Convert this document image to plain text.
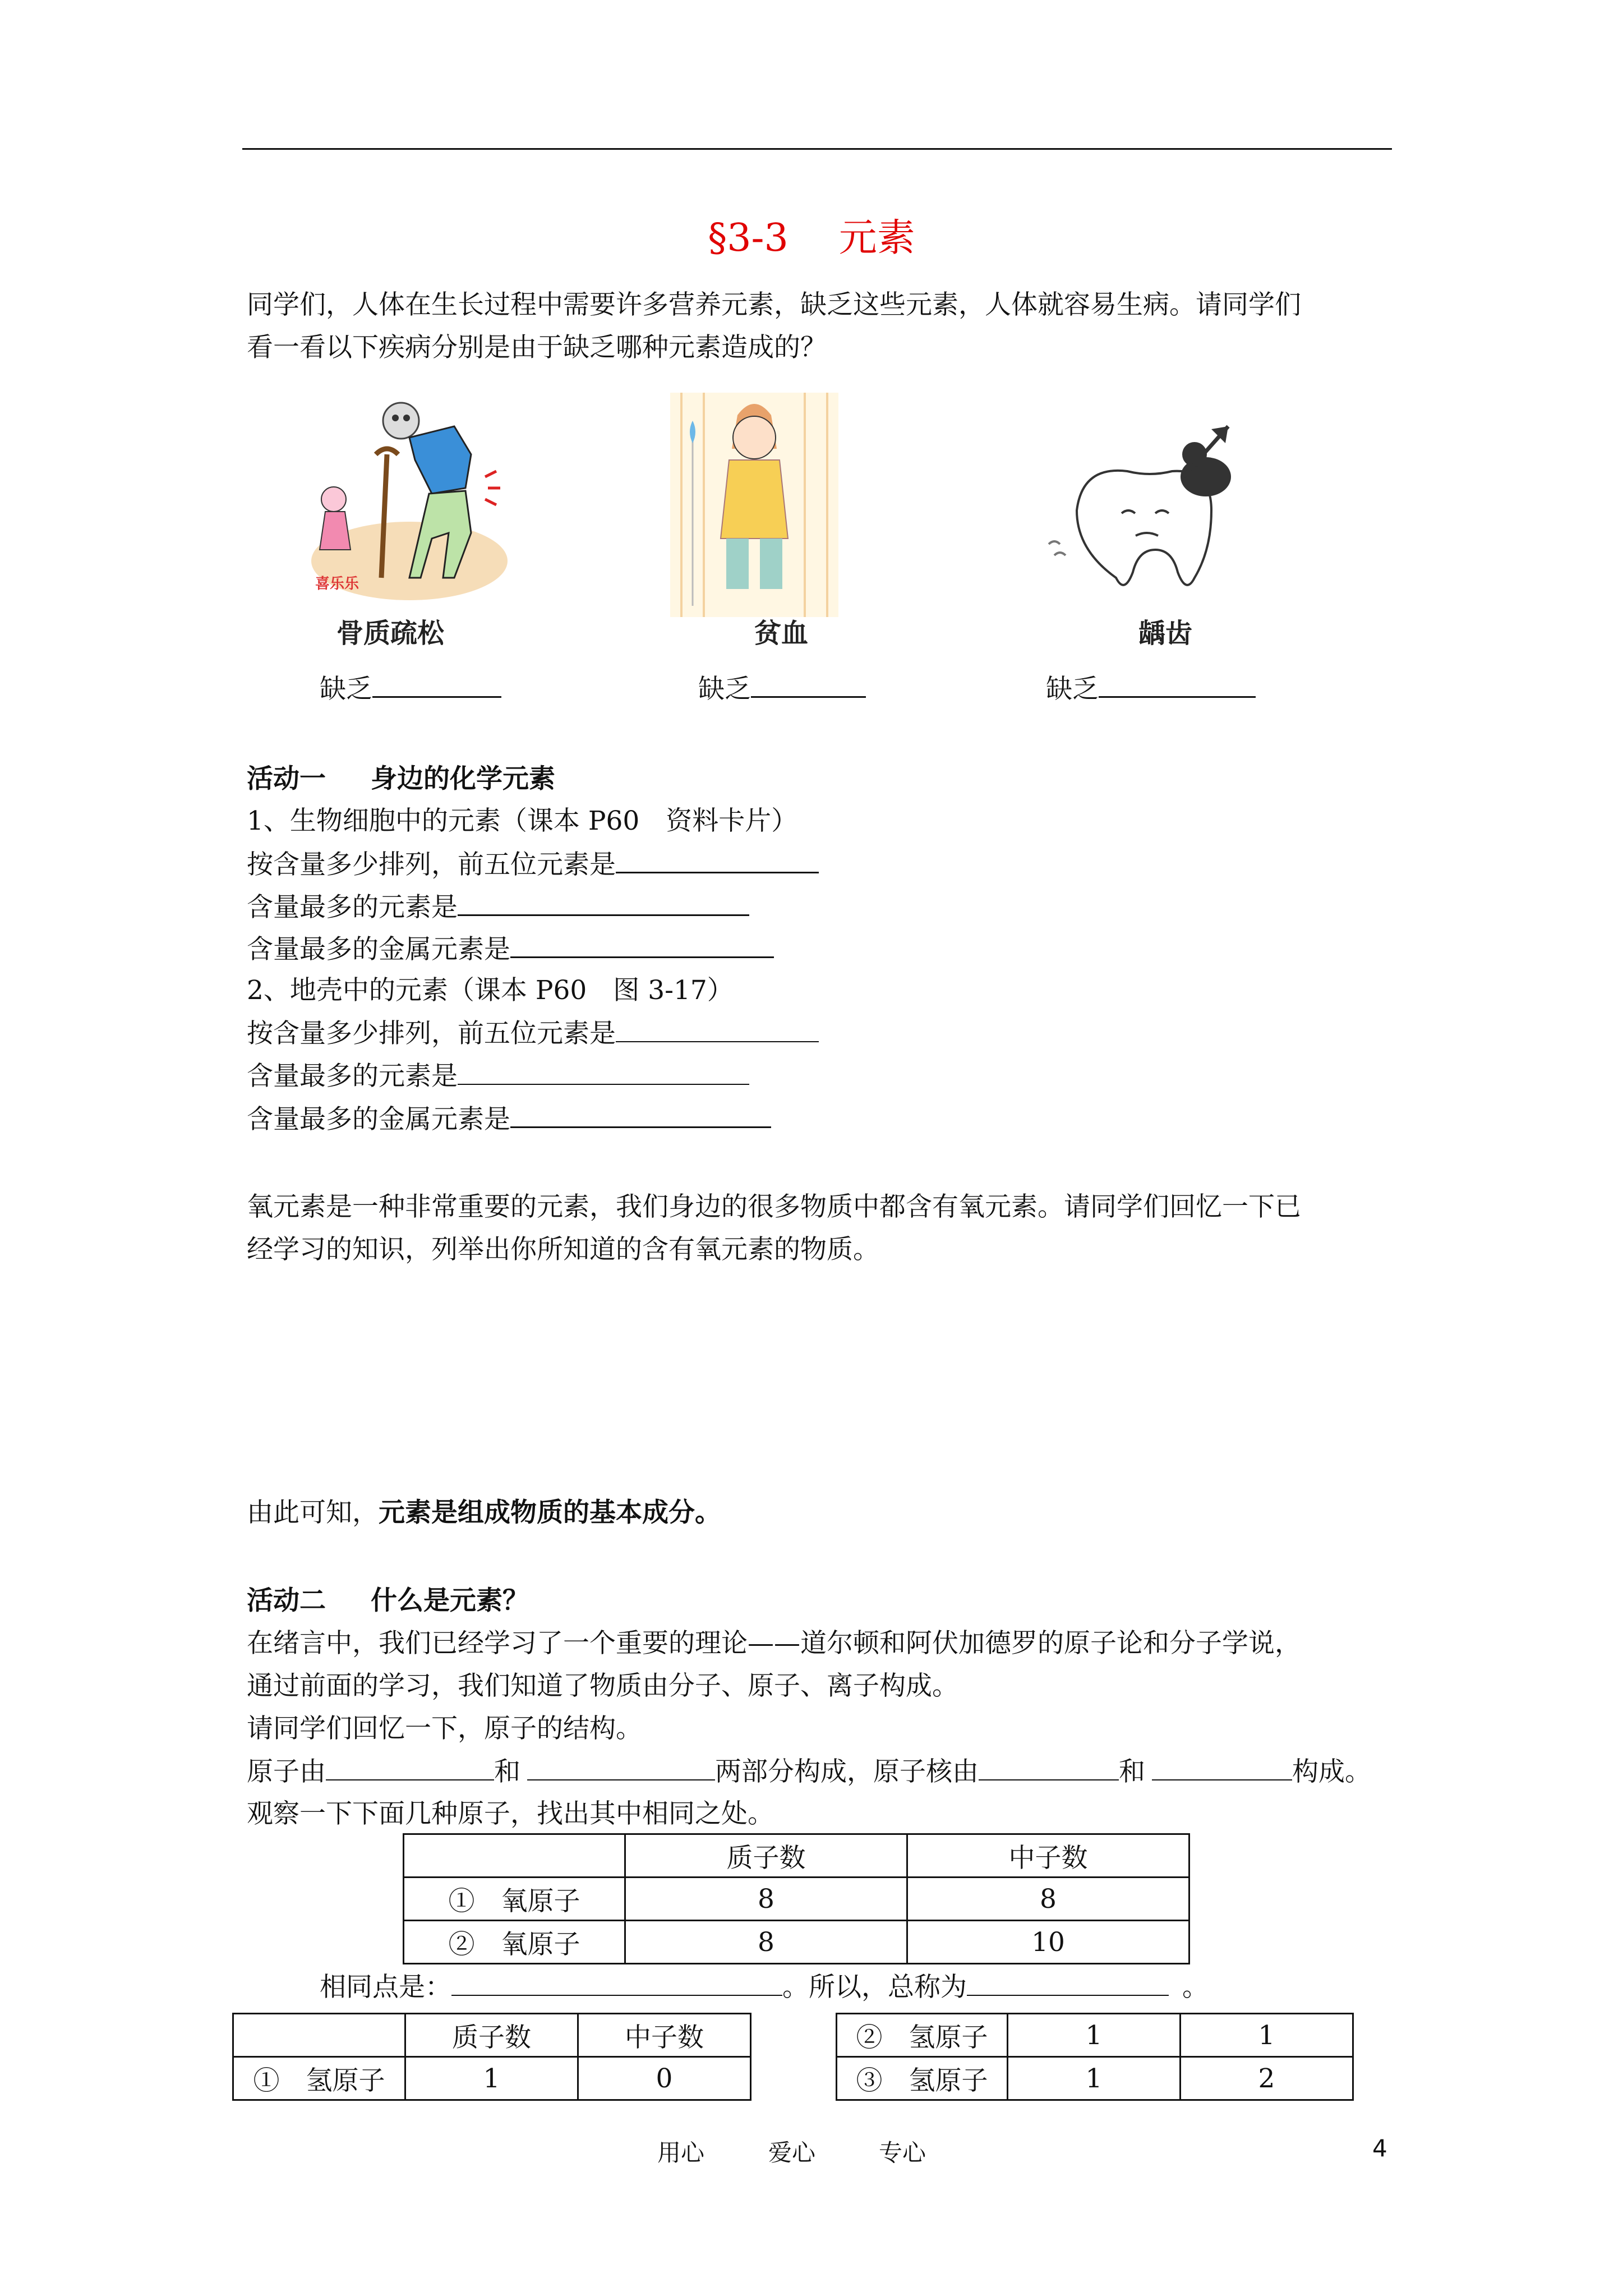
§3-3 元素
同学们，人体在生长过程中需要许多营养元素，缺乏这些元素，人体就容易生病。请同学们
看一看以下疾病分别是由于缺乏哪种元素造成的？
喜乐乐
骨质疏松	贫血	龋齿
缺乏	缺乏	缺乏
活动一 身边的化学元素
1、生物细胞中的元素（课本 P60　资料卡片）
按含量多少排列，前五位元素是
含量最多的元素是
含量最多的金属元素是
2、地壳中的元素（课本 P60　图 3-17）
按含量多少排列，前五位元素是
含量最多的元素是
含量最多的金属元素是
氧元素是一种非常重要的元素，我们身边的很多物质中都含有氧元素。请同学们回忆一下已
经学习的知识，列举出你所知道的含有氧元素的物质。
由此可知，元素是组成物质的基本成分。
活动二 什么是元素？
在绪言中，我们已经学习了一个重要的理论——道尔顿和阿伏加德罗的原子论和分子学说，
通过前面的学习，我们知道了物质由分子、原子、离子构成。
请同学们回忆一下，原子的结构。
原子由	和	两部分构成，原子核由	和	构成。
观察一下下面几种原子，找出其中相同之处。
	质子数	中子数
①　氧原子	8	8
②　氧原子	8	10
相同点是：	。所以，总称为	。
	质子数	中子数
①　氢原子	1	0
②　氢原子	1	1
③　氢原子	1	2
用心	爱心	专心	4
